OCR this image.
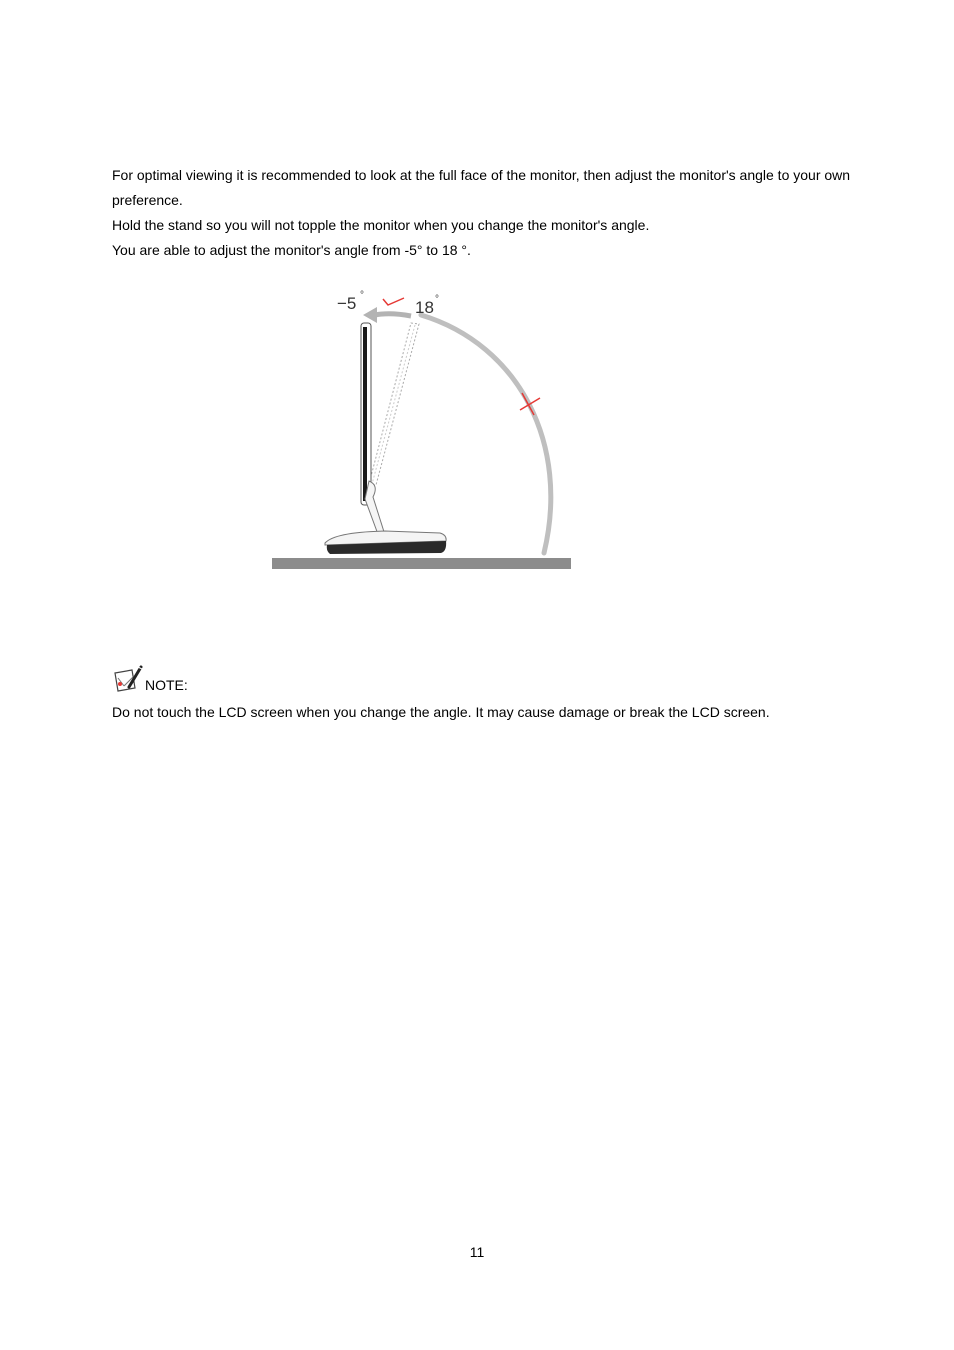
For optimal viewing it is recommended to look at the full face of the monitor, then adjust the monitor's angle to your own preference.

Hold the stand so you will not topple the monitor when you change the monitor's angle.

You are able to adjust the monitor's angle from -5° to 18 °.

−5 °
18 °
NOTE:

Do not touch the LCD screen when you change the angle. It may cause damage or break the LCD screen.

11
